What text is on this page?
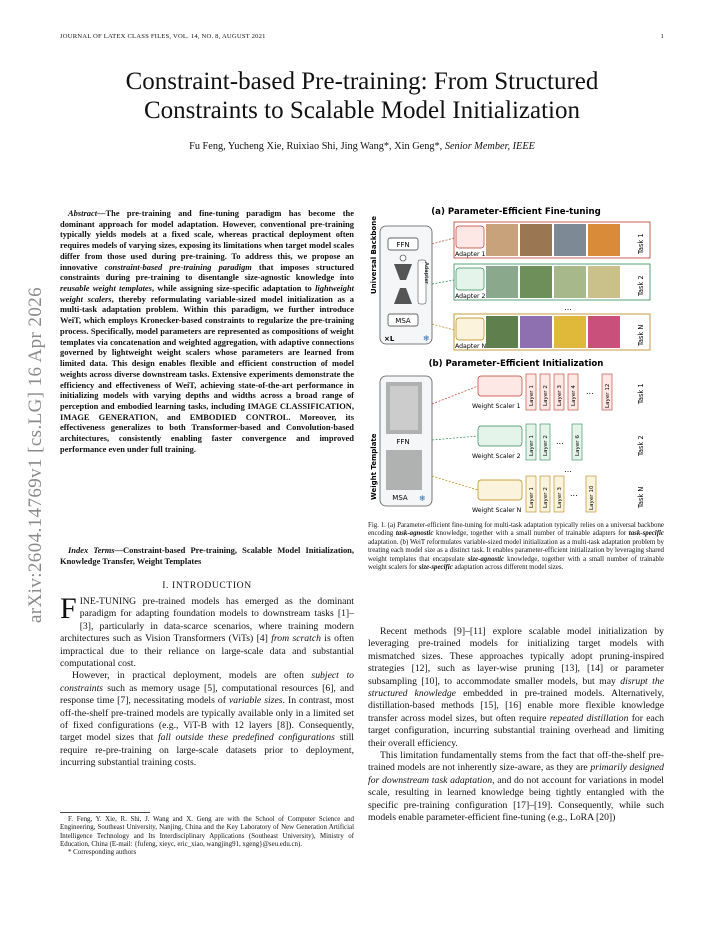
JOURNAL OF LATEX CLASS FILES, VOL. 14, NO. 8, AUGUST 2021	1
arXiv:2604.14769v1 [cs.LG] 16 Apr 2026
Constraint-based Pre-training: From Structured
Constraints to Scalable Model Initialization
Fu Feng, Yucheng Xie, Ruixiao Shi, Jing Wang*, Xin Geng*, Senior Member, IEEE
Abstract—The pre-training and fine-tuning paradigm has become the dominant approach for model adaptation. However, conventional pre-training typically yields models at a fixed scale, whereas practical deployment often requires models of varying sizes, exposing its limitations when target model scales differ from those used during pre-training. To address this, we propose an innovative constraint-based pre-training paradigm that imposes structured constraints during pre-training to disentangle size-agnostic knowledge into reusable weight templates, while assigning size-specific adaptation to lightweight weight scalers, thereby reformulating variable-sized model initialization as a multi-task adaptation problem. Within this paradigm, we further introduce WeiT, which employs Kronecker-based constraints to regularize the pre-training process. Specifically, model parameters are represented as compositions of weight templates via concatenation and weighted aggregation, with adaptive connections governed by lightweight weight scalers whose parameters are learned from limited data. This design enables flexible and efficient construction of model weights across diverse downstream tasks. Extensive experiments demonstrate the efficiency and effectiveness of WeiT, achieving state-of-the-art performance in initializing models with varying depths and widths across a broad range of perception and embodied learning tasks, including IMAGE CLASSIFICATION, IMAGE GENERATION, and EMBODIED CONTROL. Moreover, its effectiveness generalizes to both Transformer-based and Convolution-based architectures, consistently enabling faster convergence and improved performance even under full training.
Index Terms—Constraint-based Pre-training, Scalable Model Initialization, Knowledge Transfer, Weight Templates
I. INTRODUCTION

FINE-TUNING pre-trained models has emerged as the dominant paradigm for adapting foundation models to downstream tasks [1]–[3], particularly in data-scarce scenarios, where training modern architectures such as Vision Transformers (ViTs) [4] from scratch is often impractical due to their reliance on large-scale data and substantial computational cost.

However, in practical deployment, models are often subject to constraints such as memory usage [5], computational resources [6], and response time [7], necessitating models of variable sizes. In contrast, most off-the-shelf pre-trained models are typically available only in a limited set of fixed configurations (e.g., ViT-B with 12 layers [8]). Consequently, target model sizes that fall outside these predefined configurations still require re-pre-training on large-scale datasets prior to deployment, incurring substantial training costs.

F. Feng, Y. Xie, R. Shi, J. Wang and X. Geng are with the School of Computer Science and Engineering, Southeast University, Nanjing, China and the Key Laboratory of New Generation Artificial Intelligence Technology and Its Interdisciplinary Applications (Southeast University), Ministry of Education, China (E-mail: {fufeng, xieyc, eric_xiao, wangjing91, xgeng}@seu.edu.cn).
* Corresponding authors
(a) Parameter-Efficient Fine-tuning
Universal Backbone	FFN
MSA
Adapter
×L	❄
Adapter 1
Task 1
Adapter 2
Task 2
...
Adapter N
Task N
(b) Parameter-Efficient Initialization
Weight Template	FFN
MSA ❄
Weight Scaler 1
Layer 1 Layer 2 Layer 3 Layer 4 ... Layer 12	Task 1
Weight Scaler 2
Layer 1 Layer 2 ... Layer 6	Task 2
...
Weight Scaler N
Layer 1 Layer 2 Layer 3 ... Layer 10	Task N
Fig. 1. (a) Parameter-efficient fine-tuning for multi-task adaptation typically relies on a universal backbone encoding task-agnostic knowledge, together with a small number of trainable adapters for task-specific adaptation. (b) WeiT reformulates variable-sized model initialization as a multi-task adaptation problem by treating each model size as a distinct task. It enables parameter-efficient initialization by leveraging shared weight templates that encapsulate size-agnostic knowledge, together with a small number of trainable weight scalers for size-specific adaptation across different model sizes.

Recent methods [9]–[11] explore scalable model initialization by leveraging pre-trained models for initializing target models with mismatched sizes. These approaches typically adopt pruning-inspired strategies [12], such as layer-wise pruning [13], [14] or parameter subsampling [10], to accommodate smaller models, but may disrupt the structured knowledge embedded in pre-trained models. Alternatively, distillation-based methods [15], [16] enable more flexible knowledge transfer across model sizes, but often require repeated distillation for each target configuration, incurring substantial training overhead and limiting their overall efficiency.

This limitation fundamentally stems from the fact that off-the-shelf pre-trained models are not inherently size-aware, as they are primarily designed for downstream task adaptation, and do not account for variations in model scale, resulting in learned knowledge being tightly entangled with the specific pre-training configuration [17]–[19]. Consequently, while such models enable parameter-efficient fine-tuning (e.g., LoRA [20])
